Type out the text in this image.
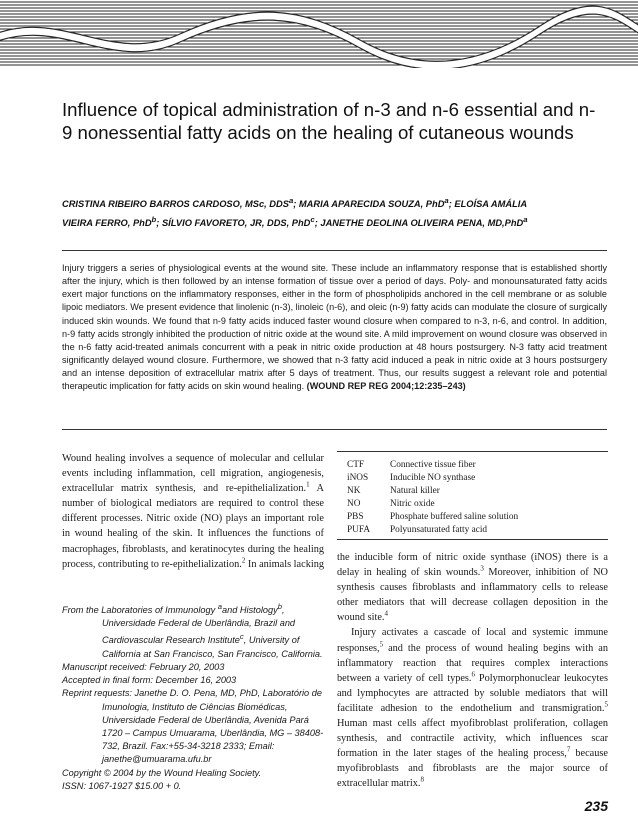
Influence of topical administration of n-3 and n-6 essential and n-9 nonessential fatty acids on the healing of cutaneous wounds
CRISTINA RIBEIRO BARROS CARDOSO, MSc, DDS$^a$; MARIA APARECIDA SOUZA, PhD$^a$; ELOÍSA AMÁLIA
VIEIRA FERRO, PhD$^b$; SÍLVIO FAVORETO, JR, DDS, PhD$^c$; JANETHE DEOLINA OLIVEIRA PENA, MD,PhD$^a$
Injury triggers a series of physiological events at the wound site. These include an inflammatory response that is established shortly after the injury, which is then followed by an intense formation of tissue over a period of days. Poly- and monounsaturated fatty acids exert major functions on the inflammatory responses, either in the form of phospholipids anchored in the cell membrane or as soluble lipoic mediators. We present evidence that linolenic (n-3), linoleic (n-6), and oleic (n-9) fatty acids can modulate the closure of surgically induced skin wounds. We found that n-9 fatty acids induced faster wound closure when compared to n-3, n-6, and control. In addition, n-9 fatty acids strongly inhibited the production of nitric oxide at the wound site. A mild improvement on wound closure was observed in the n-6 fatty acid-treated animals concurrent with a peak in nitric oxide production at 48 hours postsurgery. N-3 fatty acid treatment significantly delayed wound closure. Furthermore, we showed that n-3 fatty acid induced a peak in nitric oxide at 3 hours postsurgery and an intense deposition of extracellular matrix after 5 days of treatment. Thus, our results suggest a relevant role and potential therapeutic implication for fatty acids on skin wound healing. (WOUND REP REG 2004;12:235–243)
Wound healing involves a sequence of molecular and cellular events including inflammation, cell migration, angiogenesis, extracellular matrix synthesis, and re-epithelialization.$^1$ A number of biological mediators are required to control these different processes. Nitric oxide (NO) plays an important role in wound healing of the skin. It influences the functions of macrophages, fibroblasts, and keratinocytes during the healing process, contributing to re-epithelialization.$^2$ In animals lacking
From the Laboratories of Immunology $^a$and Histology$^b$,
Universidade Federal de Uberlândia, Brazil and Cardiovascular Research Institute$^c$, University of California at San Francisco, San Francisco, California.
Manuscript received: February 20, 2003
Accepted in final form: December 16, 2003
Reprint requests: Janethe D. O. Pena, MD, PhD, Laboratório de Imunologia, Instituto de Ciências Biomédicas, Universidade Federal de Uberlândia, Avenida Pará 1720 – Campus Umuarama, Uberlândia, MG – 38408-732, Brazil. Fax:+55-34-3218 2333; Email: janethe@umuarama.ufu.br
Copyright © 2004 by the Wound Healing Society.
ISSN: 1067-1927 $15.00 + 0.
CTF	Connective tissue fiber
iNOS Inducible NO synthase
NK	Natural killer
NO	Nitric oxide
PBS	Phosphate buffered saline solution
PUFA Polyunsaturated fatty acid
the inducible form of nitric oxide synthase (iNOS) there is a delay in healing of skin wounds.$^3$ Moreover, inhibition of NO synthesis causes fibroblasts and inflammatory cells to release other mediators that will decrease collagen deposition in the wound site.$^4$
Injury activates a cascade of local and systemic immune responses,$^5$ and the process of wound healing begins with an inflammatory reaction that requires complex interactions between a variety of cell types.$^6$ Polymorphonuclear leukocytes and lymphocytes are attracted by soluble mediators that will facilitate adhesion to the endothelium and transmigration.$^5$ Human mast cells affect myofibroblast proliferation, collagen synthesis, and contractile activity, which influences scar formation in the later stages of the healing process,$^7$ because myofibroblasts and fibroblasts are the major source of extracellular matrix.$^8$
235
